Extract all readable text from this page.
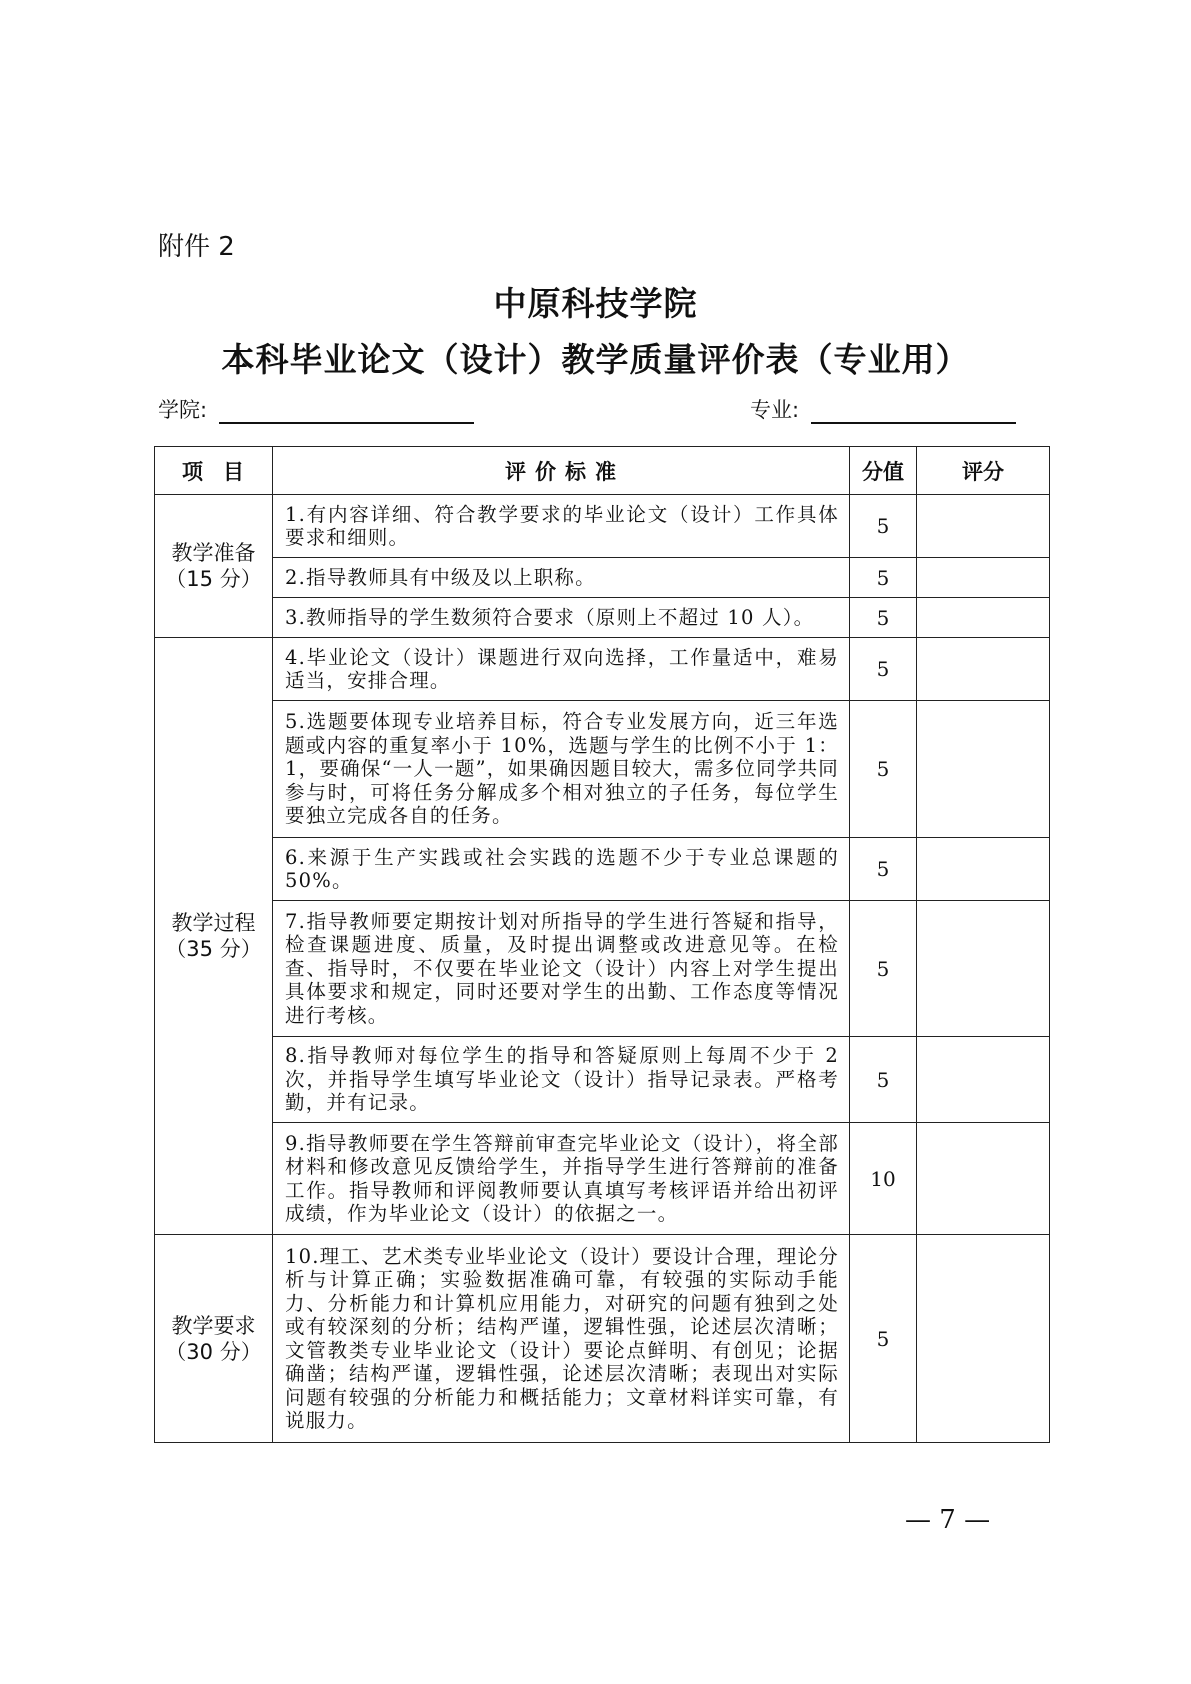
附件 2
中原科技学院
本科毕业论文（设计）教学质量评价表（专业用）
学院:	专业:
项目	评价标准	分值	评分

教学准备
（15 分）	1.有内容详细、符合教学要求的毕业论文（设计）工作具体要求和细则。	5	
	2.指导教师具有中级及以上职称。	5	
	3.教师指导的学生数须符合要求（原则上不超过 10 人）。	5	

教学过程
（35 分）	4.毕业论文（设计）课题进行双向选择，工作量适中，难易适当，安排合理。	5	
	5.选题要体现专业培养目标，符合专业发展方向，近三年选题或内容的重复率小于 10%，选题与学生的比例不小于 1：1，要确保“一人一题”，如果确因题目较大，需多位同学共同参与时，可将任务分解成多个相对独立的子任务，每位学生要独立完成各自的任务。	5	
	6.来源于生产实践或社会实践的选题不少于专业总课题的 50%。	5	
	7.指导教师要定期按计划对所指导的学生进行答疑和指导，检查课题进度、质量，及时提出调整或改进意见等。在检查、指导时，不仅要在毕业论文（设计）内容上对学生提出具体要求和规定，同时还要对学生的出勤、工作态度等情况进行考核。	5	
	8.指导教师对每位学生的指导和答疑原则上每周不少于 2 次，并指导学生填写毕业论文（设计）指导记录表。严格考勤，并有记录。	5	
	9.指导教师要在学生答辩前审查完毕业论文（设计），将全部材料和修改意见反馈给学生，并指导学生进行答辩前的准备工作。指导教师和评阅教师要认真填写考核评语并给出初评成绩，作为毕业论文（设计）的依据之一。	10	

教学要求
（30 分）	10.理工、艺术类专业毕业论文（设计）要设计合理，理论分析与计算正确；实验数据准确可靠，有较强的实际动手能力、分析能力和计算机应用能力，对研究的问题有独到之处或有较深刻的分析；结构严谨，逻辑性强，论述层次清晰；文管教类专业毕业论文（设计）要论点鲜明、有创见；论据确凿；结构严谨，逻辑性强，论述层次清晰；表现出对实际问题有较强的分析能力和概括能力；文章材料详实可靠，有说服力。	5	
— 7 —
